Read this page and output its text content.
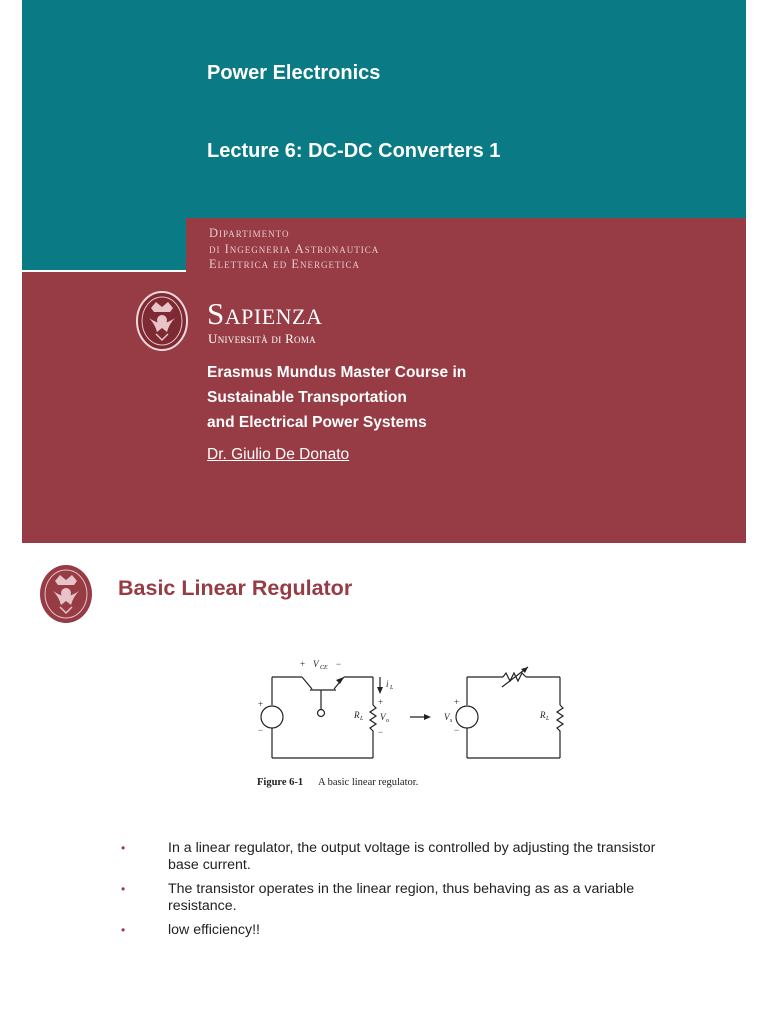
Power Electronics
Lecture 6: DC-DC Converters 1
Dipartimento
di Ingegneria Astronautica
Elettrica ed Energetica
Sapienza
Università di Roma
Erasmus Mundus Master Course in
Sustainable Transportation
and Electrical Power Systems
Dr. Giulio De Donato
Basic Linear Regulator
+ V CE −
i L
+
R L V o
−
+
−
V s
+
−
R L
Figure 6-1 A basic linear regulator.
•	In a linear regulator, the output voltage is controlled by adjusting the transistor base current.
•	The transistor operates in the linear region, thus behaving as as a variable resistance.
•	low efficiency!!
